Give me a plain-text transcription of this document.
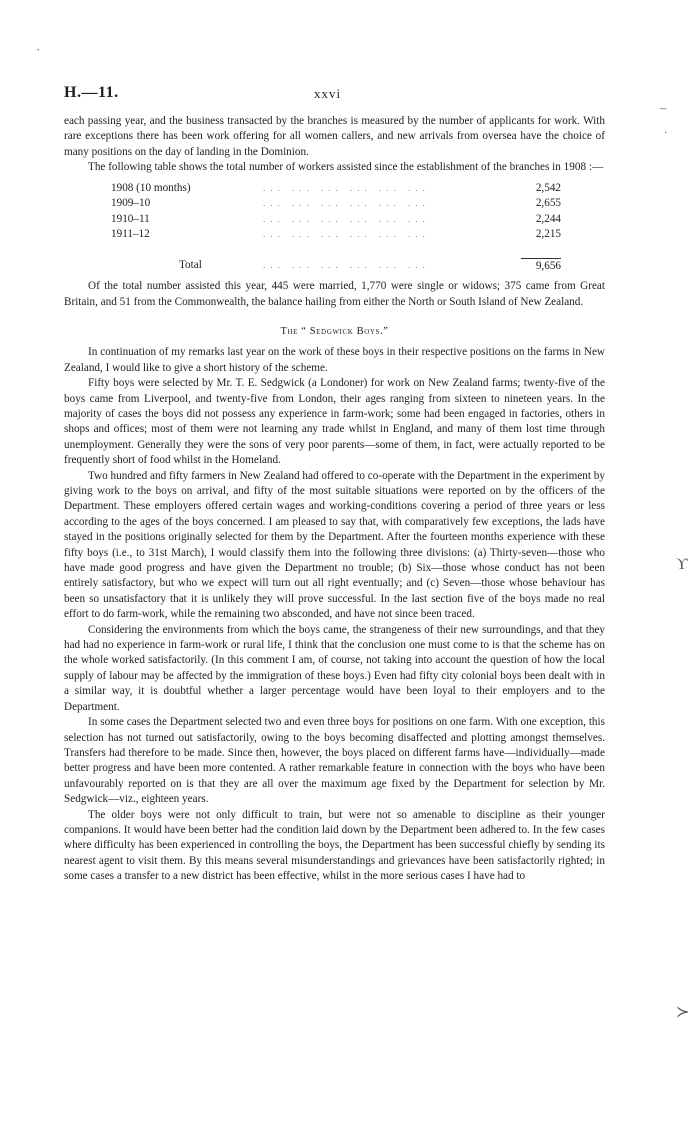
·
–
·
ϒ
≻
H.—11.	xxvi

each passing year, and the business transacted by the branches is measured by the number of applicants for work. With rare exceptions there has been work offering for all women callers, and new arrivals from oversea have the choice of many positions on the day of landing in the Dominion.

The following table shows the total number of workers assisted since the establishment of the branches in 1908 :—

1908 (10 months)	... ... ... ... ... ...	2,542
1909–10	... ... ... ... ... ...	2,655
1910–11	... ... ... ... ... ...	2,244
1911–12	... ... ... ... ... ...	2,215

Total	... ... ... ... ... ...	9,656

Of the total number assisted this year, 445 were married, 1,770 were single or widows; 375 came from Great Britain, and 51 from the Commonwealth, the balance hailing from either the North or South Island of New Zealand.

The “ Sedgwick Boys.”

In continuation of my remarks last year on the work of these boys in their respective positions on the farms in New Zealand, I would like to give a short history of the scheme.

Fifty boys were selected by Mr. T. E. Sedgwick (a Londoner) for work on New Zealand farms; twenty-five of the boys came from Liverpool, and twenty-five from London, their ages ranging from sixteen to nineteen years. In the majority of cases the boys did not possess any experience in farm-work; some had been engaged in factories, others in shops and offices; most of them were not learning any trade whilst in England, and many of them lost time through unemployment. Generally they were the sons of very poor parents—some of them, in fact, were actually reported to be frequently short of food whilst in the Homeland.

Two hundred and fifty farmers in New Zealand had offered to co-operate with the Department in the experiment by giving work to the boys on arrival, and fifty of the most suitable situations were reported on by the officers of the Department. These employers offered certain wages and working-conditions covering a period of three years or less according to the ages of the boys concerned. I am pleased to say that, with comparatively few exceptions, the lads have stayed in the positions originally selected for them by the Department. After the fourteen months experience with these fifty boys (i.e., to 31st March), I would classify them into the following three divisions: (a) Thirty-seven—those who have made good progress and have given the Department no trouble; (b) Six—those whose conduct has not been entirely satisfactory, but who we expect will turn out all right eventually; and (c) Seven—those whose behaviour has been so unsatisfactory that it is unlikely they will prove successful. In the last section five of the boys made no real effort to do farm-work, while the remaining two absconded, and have not since been traced.

Considering the environments from which the boys came, the strangeness of their new surroundings, and that they had had no experience in farm-work or rural life, I think that the conclusion one must come to is that the scheme has on the whole worked satisfactorily. (In this comment I am, of course, not taking into account the question of how the local supply of labour may be affected by the immigration of these boys.) Even had fifty city colonial boys been dealt with in a similar way, it is doubtful whether a larger percentage would have been loyal to their employers and to the Department.

In some cases the Department selected two and even three boys for positions on one farm. With one exception, this selection has not turned out satisfactorily, owing to the boys becoming disaffected and plotting amongst themselves. Transfers had therefore to be made. Since then, however, the boys placed on different farms have—individually—made better progress and have been more contented. A rather remarkable feature in connection with the boys who have been unfavourably reported on is that they are all over the maximum age fixed by the Department for selection by Mr. Sedgwick—viz., eighteen years.

The older boys were not only difficult to train, but were not so amenable to discipline as their younger companions. It would have been better had the condition laid down by the Department been adhered to. In the few cases where difficulty has been experienced in controlling the boys, the Department has been successful chiefly by sending its nearest agent to visit them. By this means several misunderstandings and grievances have been satisfactorily righted; in some cases a transfer to a new district has been effective, whilst in the more serious cases I have had to
